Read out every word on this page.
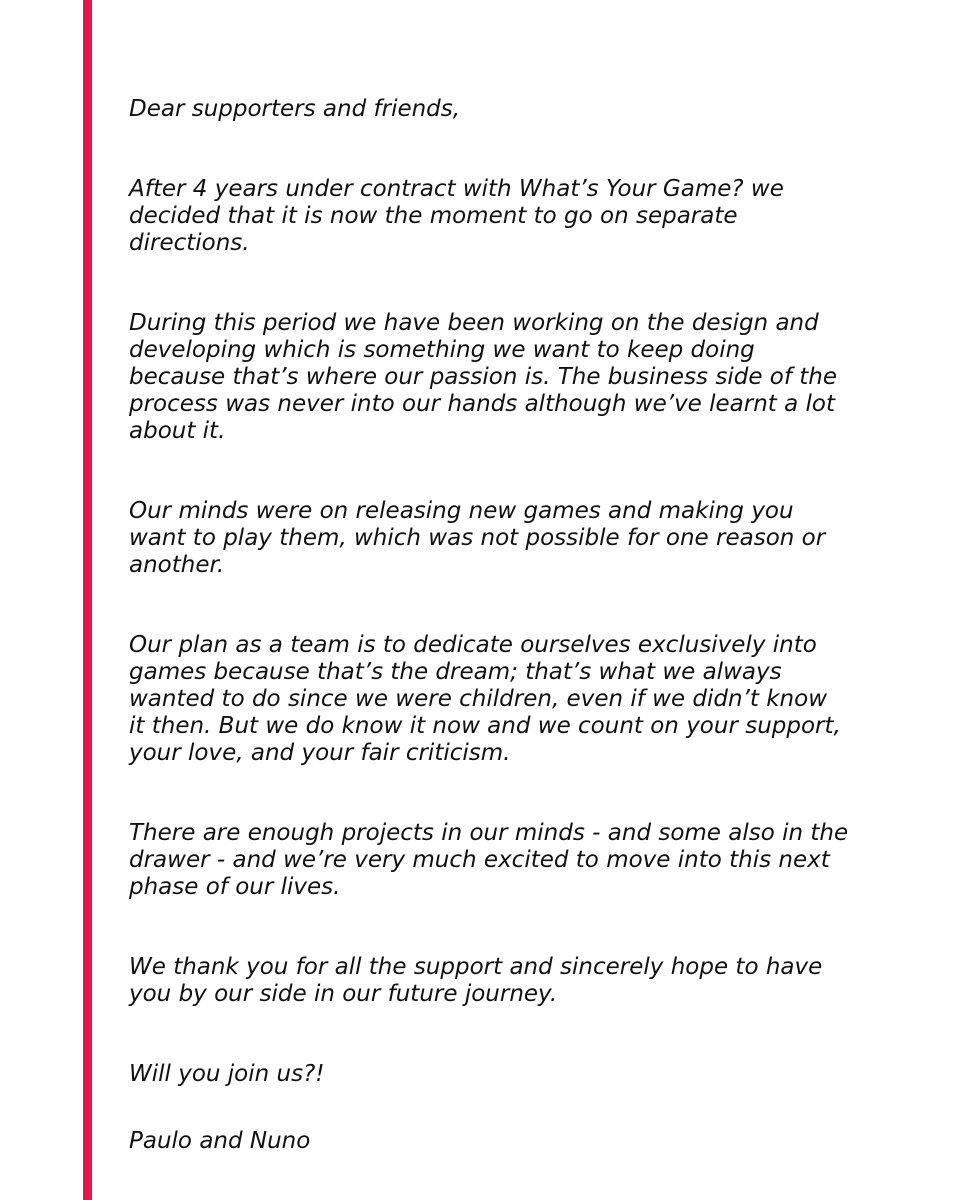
Dear supporters and friends,

After 4 years under contract with What’s Your Game? we
decided that it is now the moment to go on separate
directions.

During this period we have been working on the design and
developing which is something we want to keep doing
because that’s where our passion is. The business side of the
process was never into our hands although we’ve learnt a lot
about it.

Our minds were on releasing new games and making you
want to play them, which was not possible for one reason or
another.

Our plan as a team is to dedicate ourselves exclusively into
games because that’s the dream; that’s what we always
wanted to do since we were children, even if we didn’t know
it then. But we do know it now and we count on your support,
your love, and your fair criticism.

There are enough projects in our minds - and some also in the
drawer - and we’re very much excited to move into this next
phase of our lives.

We thank you for all the support and sincerely hope to have
you by our side in our future journey.

Will you join us?!

Paulo and Nuno
